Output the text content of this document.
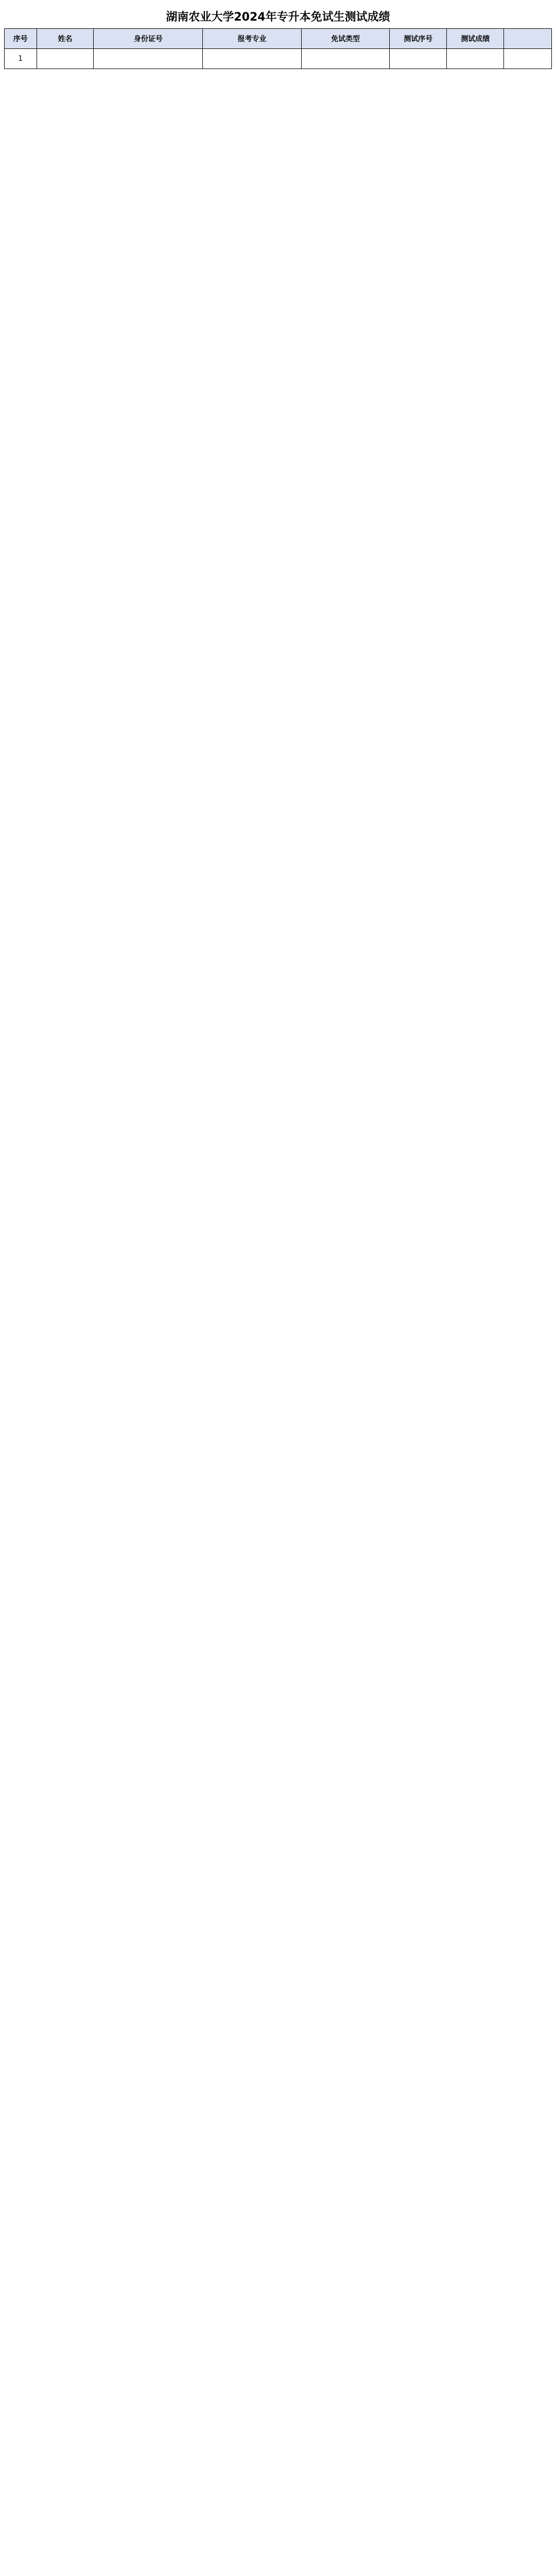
湖南农业大学2024年专升本免试生测试成绩
序号	姓名	身份证号	报考专业	免试类型	测试序号	测试成绩	
1							
